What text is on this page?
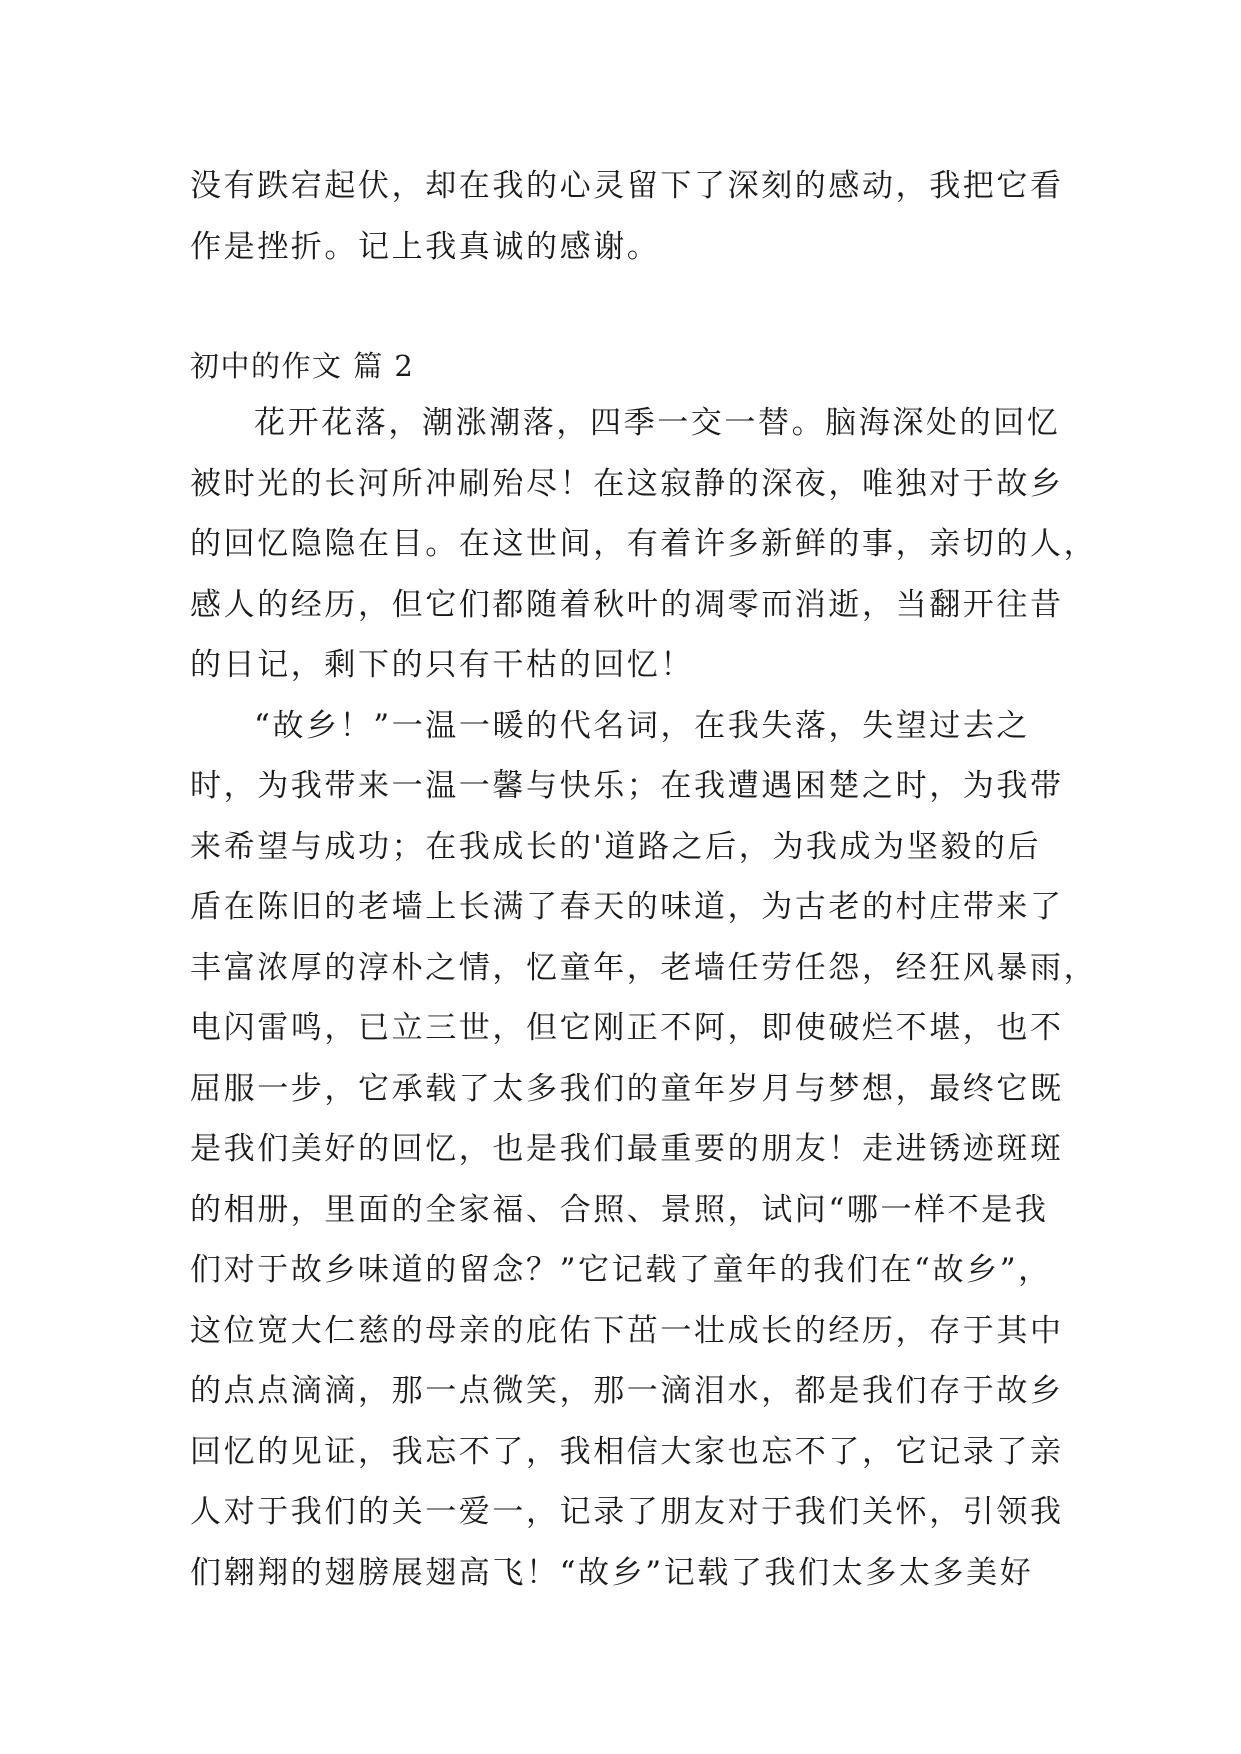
没有跌宕起伏，却在我的心灵留下了深刻的感动，我把它看
作是挫折。记上我真诚的感谢。
初中的作文 篇 2
花开花落，潮涨潮落，四季一交一替。脑海深处的回忆
被时光的长河所冲刷殆尽！在这寂静的深夜，唯独对于故乡
的回忆隐隐在目。在这世间，有着许多新鲜的事，亲切的人，
感人的经历，但它们都随着秋叶的凋零而消逝，当翻开往昔
的日记，剩下的只有干枯的回忆！
“故乡！”一温一暖的代名词，在我失落，失望过去之
时，为我带来一温一馨与快乐；在我遭遇困楚之时，为我带
来希望与成功；在我成长的'道路之后，为我成为坚毅的后
盾在陈旧的老墙上长满了春天的味道，为古老的村庄带来了
丰富浓厚的淳朴之情，忆童年，老墙任劳任怨，经狂风暴雨，
电闪雷鸣，已立三世，但它刚正不阿，即使破烂不堪，也不
屈服一步，它承载了太多我们的童年岁月与梦想，最终它既
是我们美好的回忆，也是我们最重要的朋友！走进锈迹斑斑
的相册，里面的全家福、合照、景照，试问“哪一样不是我
们对于故乡味道的留念？”它记载了童年的我们在“故乡”，
这位宽大仁慈的母亲的庇佑下茁一壮成长的经历，存于其中
的点点滴滴，那一点微笑，那一滴泪水，都是我们存于故乡
回忆的见证，我忘不了，我相信大家也忘不了，它记录了亲
人对于我们的关一爱一，记录了朋友对于我们关怀，引领我
们翱翔的翅膀展翅高飞！“故乡”记载了我们太多太多美好
